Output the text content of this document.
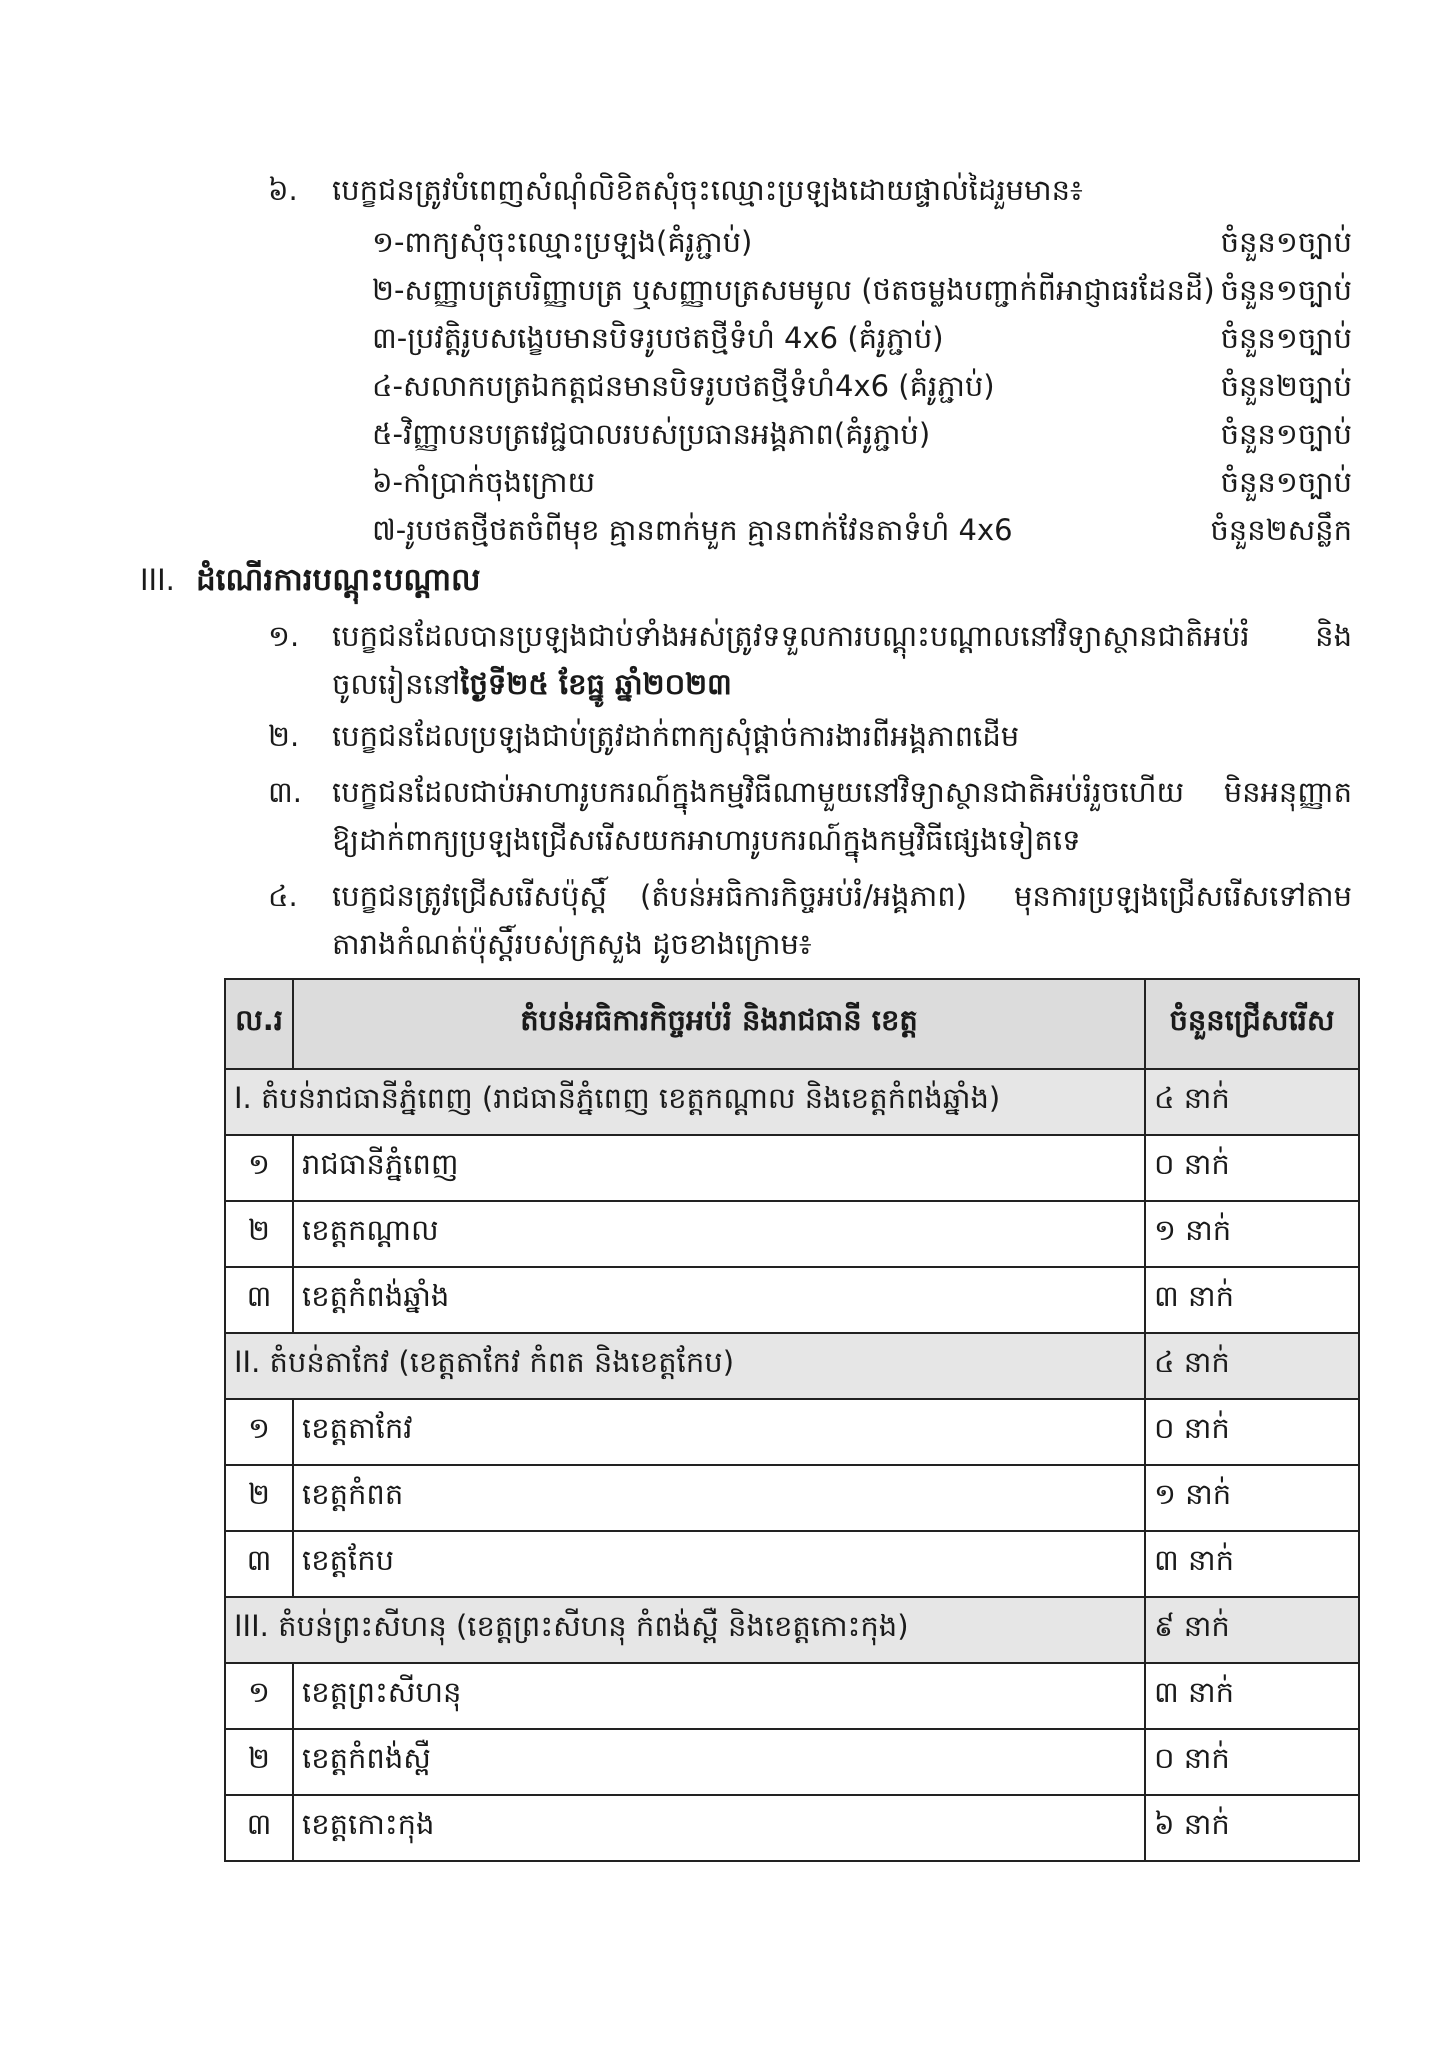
៦. បេក្ខជនត្រូវបំពេញសំណុំលិខិតសុំចុះឈ្មោះប្រឡងដោយផ្ទាល់ដៃរួមមាន៖
១-ពាក្យសុំចុះឈ្មោះប្រឡង(គំរូភ្ជាប់)	ចំនួន១ច្បាប់
២-សញ្ញាបត្របរិញ្ញាបត្រ ឬសញ្ញាបត្រសមមូល (ថតចម្លងបញ្ជាក់ពីអាជ្ញាធរដែនដី) ចំនួន១ច្បាប់
៣-ប្រវត្តិរូបសង្ខេបមានបិទរូបថតថ្មីទំហំ 4x6 (គំរូភ្ជាប់)	ចំនួន១ច្បាប់
៤-សលាកបត្រឯកត្តជនមានបិទរូបថតថ្មីទំហំ4x6 (គំរូភ្ជាប់)	ចំនួន២ច្បាប់
៥-វិញ្ញាបនបត្រវេជ្ជបាលរបស់ប្រធានអង្គភាព(គំរូភ្ជាប់)	ចំនួន១ច្បាប់
៦-កាំប្រាក់ចុងក្រោយ	ចំនួន១ច្បាប់
៧-រូបថតថ្មីថតចំពីមុខ គ្មានពាក់មួក គ្មានពាក់វែនតាទំហំ 4x6	ចំនួន២សន្លឹក
III. ដំណើរការបណ្តុះបណ្តាល
១. បេក្ខជនដែលបានប្រឡងជាប់ទាំងអស់ត្រូវទទួលការបណ្តុះបណ្តាលនៅវិទ្យាស្ថានជាតិអប់រំ និង
ចូលរៀននៅថ្ងៃទី២៥ ខែធ្នូ ឆ្នាំ២០២៣
២. បេក្ខជនដែលប្រឡងជាប់ត្រូវដាក់ពាក្យសុំផ្តាច់ការងារពីអង្គភាពដើម
៣. បេក្ខជនដែលជាប់អាហារូបករណ៍ក្នុងកម្មវិធីណាមួយនៅវិទ្យាស្ថានជាតិអប់រំរួចហើយ មិនអនុញ្ញាត
ឱ្យដាក់ពាក្យប្រឡងជ្រើសរើសយកអាហារូបករណ៍ក្នុងកម្មវិធីផ្សេងទៀតទេ
៤. បេក្ខជនត្រូវជ្រើសរើសប៉ុស្តិ៍ (តំបន់អធិការកិច្ចអប់រំ/អង្គភាព) មុនការប្រឡងជ្រើសរើសទៅតាម
តារាងកំណត់ប៉ុស្តិ៍របស់ក្រសួង ដូចខាងក្រោម៖
ល.រ	តំបន់អធិការកិច្ចអប់រំ និងរាជធានី ខេត្ត	ចំនួនជ្រើសរើស
I. តំបន់រាជធានីភ្នំពេញ (រាជធានីភ្នំពេញ ខេត្តកណ្តាល និងខេត្តកំពង់ឆ្នាំង)		៤ នាក់
១	រាជធានីភ្នំពេញ	០ នាក់
២	ខេត្តកណ្តាល	១ នាក់
៣	ខេត្តកំពង់ឆ្នាំង	៣ នាក់
II. តំបន់តាកែវ (ខេត្តតាកែវ កំពត និងខេត្តកែប)		៤ នាក់
១	ខេត្តតាកែវ	០ នាក់
២	ខេត្តកំពត	១ នាក់
៣	ខេត្តកែប	៣ នាក់
III. តំបន់ព្រះសីហនុ (ខេត្តព្រះសីហនុ កំពង់ស្ពឺ និងខេត្តកោះកុង)		៩ នាក់
១	ខេត្តព្រះសីហនុ	៣ នាក់
២	ខេត្តកំពង់ស្ពឺ	០ នាក់
៣	ខេត្តកោះកុង	៦ នាក់
